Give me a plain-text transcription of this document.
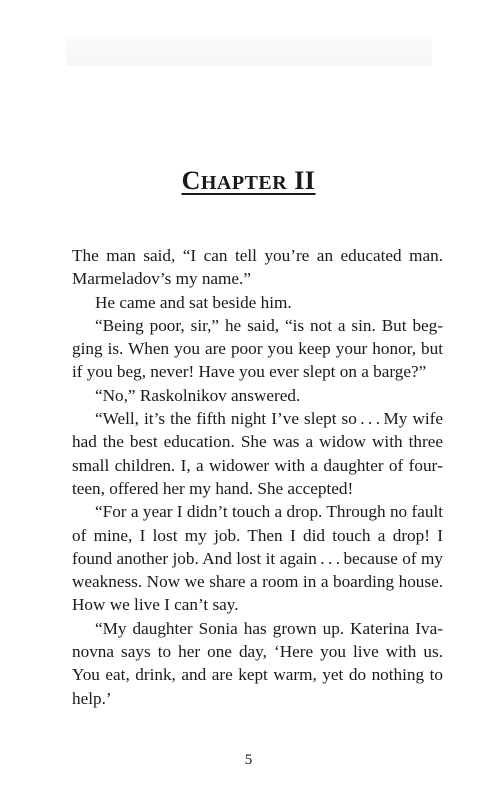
CHAPTER II

The man said, “I can tell you’re an educated man. Marmeladov’s my name.”

He came and sat beside him.

“Being poor, sir,” he said, “is not a sin. But begging is. When you are poor you keep your honor, but if you beg, never! Have you ever slept on a barge?”

“No,” Raskolnikov answered.

“Well, it’s the fifth night I’ve slept so . . . My wife had the best education. She was a widow with three small children. I, a widower with a daughter of fourteen, offered her my hand. She accepted!

“For a year I didn’t touch a drop. Through no fault of mine, I lost my job. Then I did touch a drop! I found another job. And lost it again . . . because of my weakness. Now we share a room in a boarding house. How we live I can’t say.

“My daughter Sonia has grown up. Katerina Ivanovna says to her one day, ‘Here you live with us. You eat, drink, and are kept warm, yet do nothing to help.’

5
